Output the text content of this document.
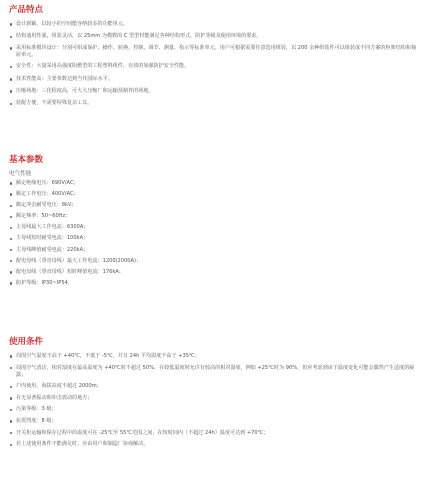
产品特点
设计新颖，以较小的空间能容纳较多的功能单元。
结构通用性强，组装灵活，以 25mm 为模数的 C 型型材能满足各种结构形式、防护等级及使用环境的要求。
采用标准模块设计：分别可组成保护、操作、转换、控制、调节、测量、指示等标准单元。用户可根据需要任意选用组装，以 200 余种组装件可以组装成不同方案的柜架结构和抽屉单元。
安全性：大量采用高强度阻燃型的工程塑料组件，有效的加强防护安全性能。
技术性能高：主要参数达到当代国际水平。
压缩场地：三化程度高，可大大压缩厂和运输预制件的场地。
装配方便，不需要特殊复杂工具。
基本参数
电气性能
额定绝缘电压：690V/AC；
额定工作电压：400V/AC；
额定冲击耐受电压：8kV；
额定频率：50~60Hz；
主母线最大工作电流：6300A；
主母线短时耐受电流：100kA；
主母线峰值耐受电流：220kA；
配电母线（垂直母线）最大工作电流：1200(2000A)；
配电母线（垂直母线）短时峰值电流：176kA；
防护等级：IP30~IP54。
使用条件
周围空气温度不高于 +40℃，不低于 -5℃，并且 24h 平均温度不高于 +35℃；
周围空气清洁，相对湿度在最高温度为 +40℃时不超过 50%，在较低温度时允许有较高的相对湿度，例如 +25℃时为 90%，但应考虑到由于温度变化可能会偶然产生适度的凝露；
户内使用，海拔高度不超过 2000m；
在无显著振动和冲击震动的地方；
污染等级：3 级；
抗震烈度：8 级；
开关柜运输和保存过程中的温度可在 -25℃至 55℃范围之间，在短时间内（不超过 24h）温度可达到 +70℃；
若上述使用条件不能满足时，应由用户和制造厂协商解决。
